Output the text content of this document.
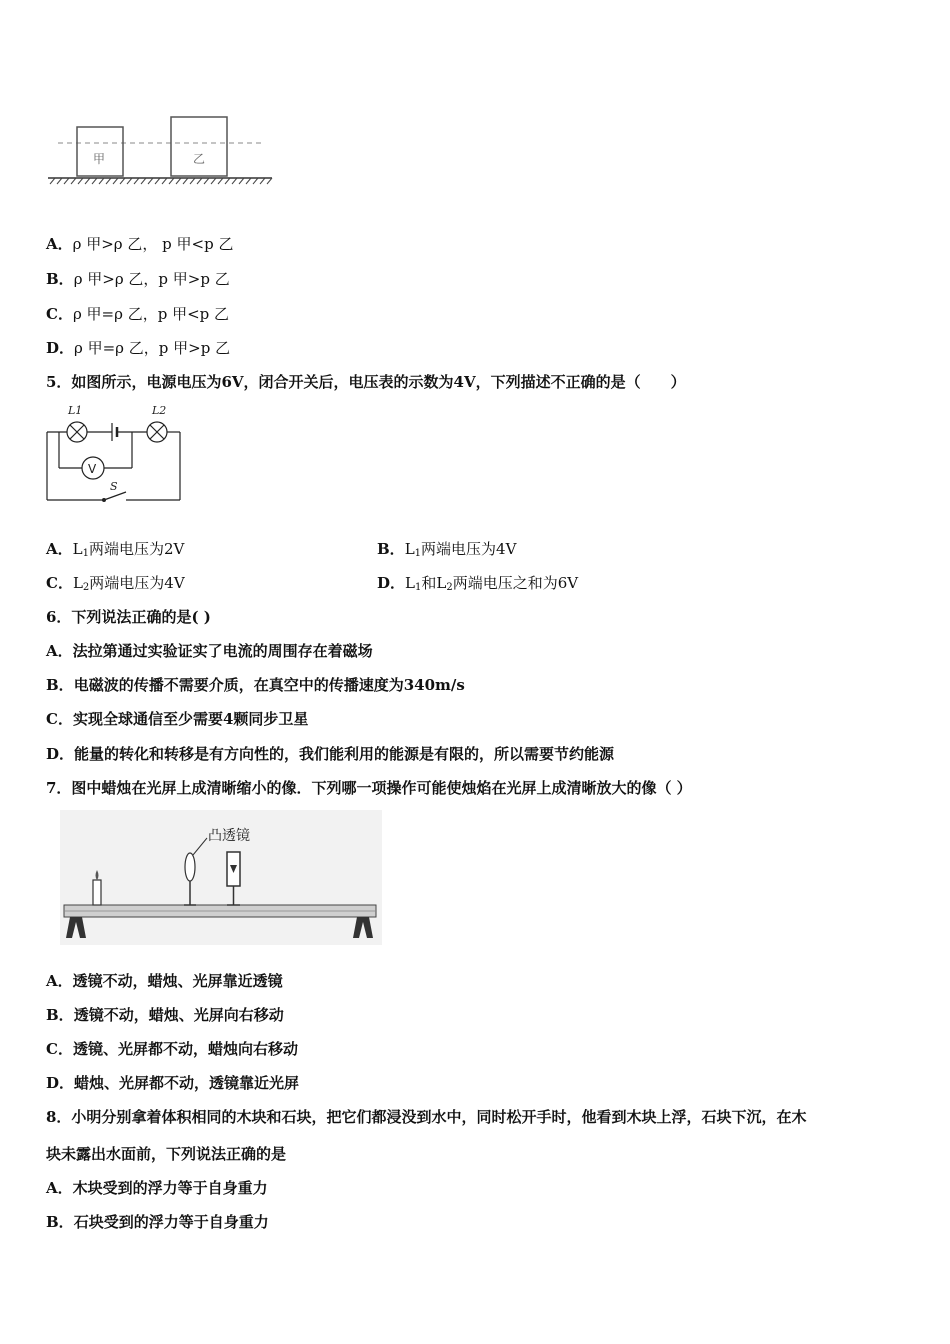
甲	乙
A．ρ 甲>ρ 乙， p 甲<p 乙
B．ρ 甲>ρ 乙，p 甲>p 乙
C．ρ 甲=ρ 乙，p 甲<p 乙
D．ρ 甲=ρ 乙，p 甲>p 乙
5．如图所示，电源电压为6V，闭合开关后，电压表的示数为4V，下列描述不正确的是（　　）
V
L1	L2
S
A．$L_1$两端电压为2V	B．$L_1$两端电压为4V
C．$L_2$两端电压为4V	D．$L_1$和$L_2$两端电压之和为6V
6．下列说法正确的是( )
A．法拉第通过实验证实了电流的周围存在着磁场
B．电磁波的传播不需要介质，在真空中的传播速度为340m/s
C．实现全球通信至少需要4颗同步卫星
D．能量的转化和转移是有方向性的，我们能利用的能源是有限的，所以需要节约能源
7．图中蜡烛在光屏上成清晰缩小的像．下列哪一项操作可能使烛焰在光屏上成清晰放大的像（ ）
凸透镜
A．透镜不动，蜡烛、光屏靠近透镜
B．透镜不动，蜡烛、光屏向右移动
C．透镜、光屏都不动，蜡烛向右移动
D．蜡烛、光屏都不动，透镜靠近光屏
8．小明分别拿着体积相同的木块和石块，把它们都浸没到水中，同时松开手时，他看到木块上浮，石块下沉，在木
块未露出水面前，下列说法正确的是
A．木块受到的浮力等于自身重力
B．石块受到的浮力等于自身重力
